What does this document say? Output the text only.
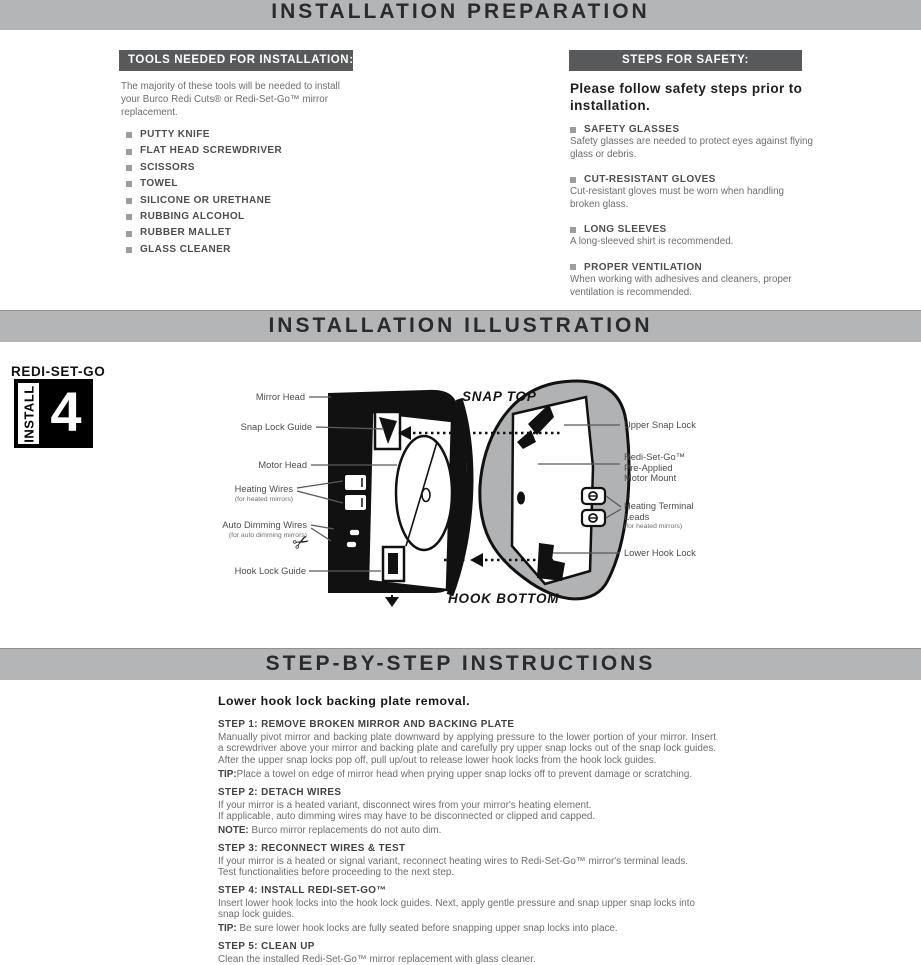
INSTALLATION PREPARATION
TOOLS NEEDED FOR INSTALLATION:
The majority of these tools will be needed to install your Burco Redi Cuts® or Redi-Set-Go™ mirror replacement.
PUTTY KNIFE
FLAT HEAD SCREWDRIVER
SCISSORS
TOWEL
SILICONE OR URETHANE
RUBBING ALCOHOL
RUBBER MALLET
GLASS CLEANER
STEPS FOR SAFETY:
Please follow safety steps prior to installation.
SAFETY GLASSES
Safety glasses are needed to protect eyes against flying glass or debris.
CUT-RESISTANT GLOVES
Cut-resistant gloves must be worn when handling broken glass.
LONG SLEEVES
A long-sleeved shirt is recommended.
PROPER VENTILATION
When working with adhesives and cleaners, proper ventilation is recommended.
INSTALLATION ILLUSTRATION
REDI-SET-GO
INSTALL 4	SNAP TOP
HOOK BOTTOM
Mirror Head
Snap Lock Guide
Motor Head
Heating Wires
(for heated mirrors)
Auto Dimming Wires
(for auto dimming mirrors)
Hook Lock Guide
✂
Upper Snap Lock
Redi-Set-Go™
Pre-Applied
Motor Mount
Heating Terminal
Leads
(for heated mirrors)
Lower Hook Lock
STEP-BY-STEP INSTRUCTIONS
Lower hook lock backing plate removal.
STEP 1: REMOVE BROKEN MIRROR AND BACKING PLATE
Manually pivot mirror and backing plate downward by applying pressure to the lower portion of your mirror. Insert a screwdriver above your mirror and backing plate and carefully pry upper snap locks out of the snap lock guides. After the upper snap locks pop off, pull up/out to release lower hook locks from the hook lock guides.
TIP:Place a towel on edge of mirror head when prying upper snap locks off to prevent damage or scratching.
STEP 2: DETACH WIRES
If your mirror is a heated variant, disconnect wires from your mirror's heating element.
If applicable, auto dimming wires may have to be disconnected or clipped and capped.
NOTE: Burco mirror replacements do not auto dim.
STEP 3: RECONNECT WIRES & TEST
If your mirror is a heated or signal variant, reconnect heating wires to Redi-Set-Go™ mirror's terminal leads.
Test functionalities before proceeding to the next step.
STEP 4: INSTALL REDI-SET-GO™
Insert lower hook locks into the hook lock guides. Next, apply gentle pressure and snap upper snap locks into snap lock guides.
TIP: Be sure lower hook locks are fully seated before snapping upper snap locks into place.
STEP 5: CLEAN UP
Clean the installed Redi-Set-Go™ mirror replacement with glass cleaner.
